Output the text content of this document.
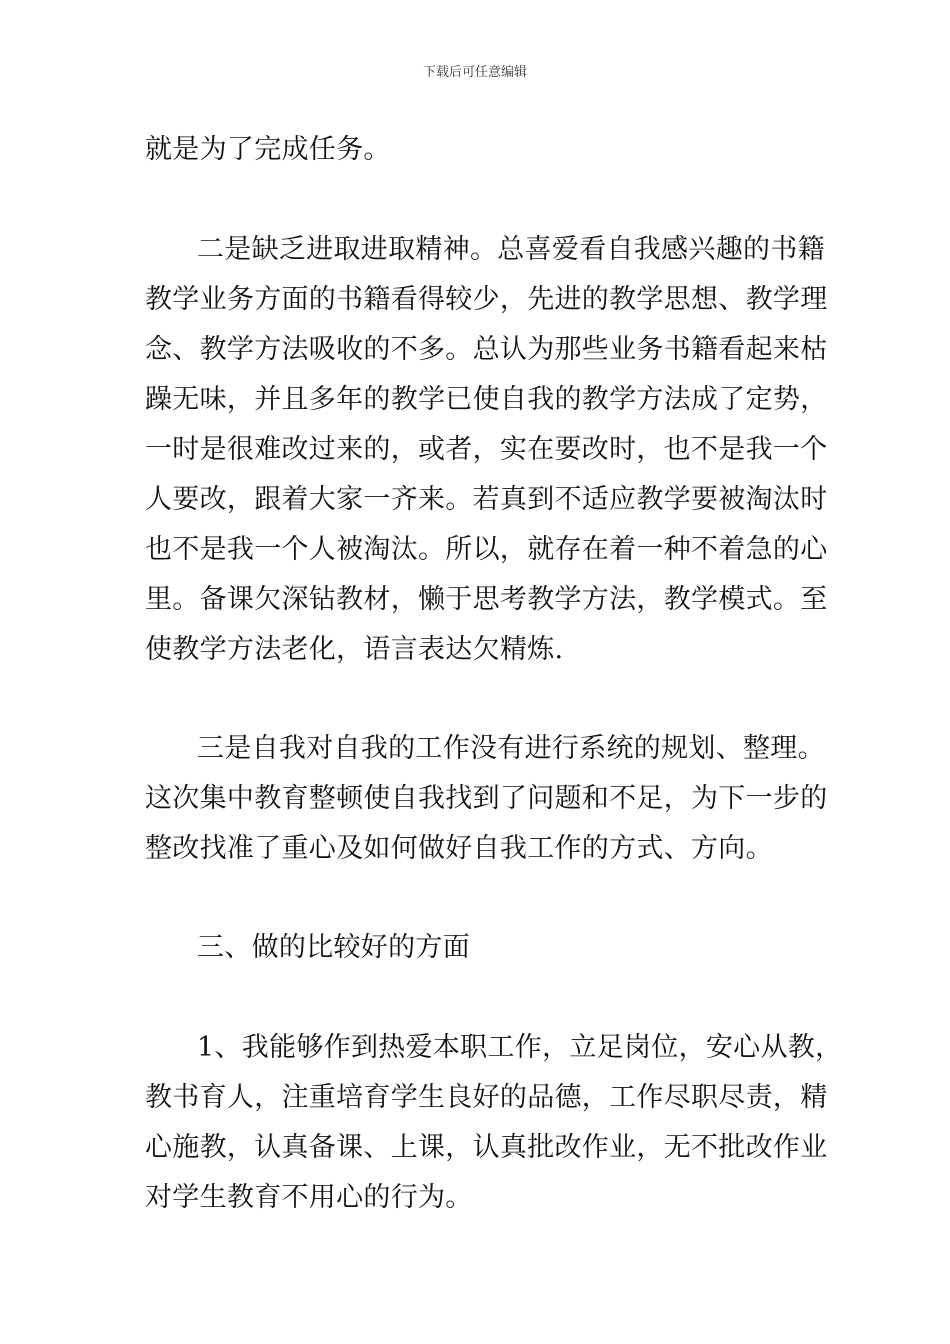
下载后可任意编辑
就是为了完成任务。
二是缺乏进取进取精神。总喜爱看自我感兴趣的书籍
教学业务方面的书籍看得较少，先进的教学思想、教学理
念、教学方法吸收的不多。总认为那些业务书籍看起来枯
躁无味，并且多年的教学已使自我的教学方法成了定势，
一时是很难改过来的，或者，实在要改时，也不是我一个
人要改，跟着大家一齐来。若真到不适应教学要被淘汰时
也不是我一个人被淘汰。所以，就存在着一种不着急的心
里。备课欠深钻教材，懒于思考教学方法，教学模式。至
使教学方法老化，语言表达欠精炼.
三是自我对自我的工作没有进行系统的规划、整理。
这次集中教育整顿使自我找到了问题和不足，为下一步的
整改找准了重心及如何做好自我工作的方式、方向。
三、做的比较好的方面
1、我能够作到热爱本职工作，立足岗位，安心从教，
教书育人，注重培育学生良好的品德，工作尽职尽责，精
心施教，认真备课、上课，认真批改作业，无不批改作业
对学生教育不用心的行为。
